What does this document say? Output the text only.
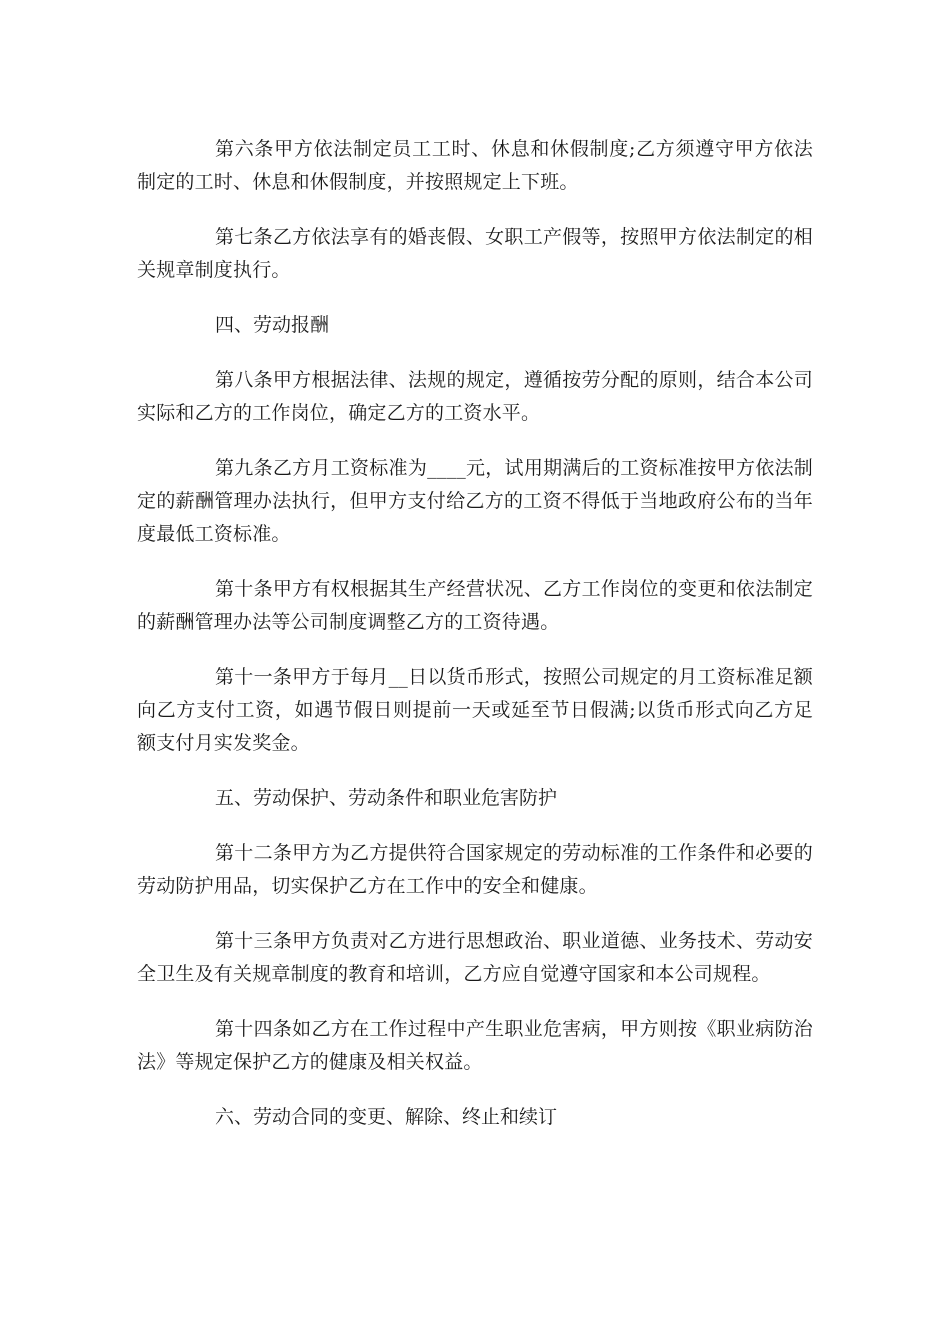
第六条甲方依法制定员工工时、休息和休假制度;乙方须遵守甲方依法制定的工时、休息和休假制度，并按照规定上下班。

第七条乙方依法享有的婚丧假、女职工产假等，按照甲方依法制定的相关规章制度执行。

四、劳动报酬

第八条甲方根据法律、法规的规定，遵循按劳分配的原则，结合本公司实际和乙方的工作岗位，确定乙方的工资水平。

第九条乙方月工资标准为____元，试用期满后的工资标准按甲方依法制定的薪酬管理办法执行，但甲方支付给乙方的工资不得低于当地政府公布的当年度最低工资标准。

第十条甲方有权根据其生产经营状况、乙方工作岗位的变更和依法制定的薪酬管理办法等公司制度调整乙方的工资待遇。

第十一条甲方于每月__日以货币形式，按照公司规定的月工资标准足额向乙方支付工资，如遇节假日则提前一天或延至节日假满;以货币形式向乙方足额支付月实发奖金。

五、劳动保护、劳动条件和职业危害防护

第十二条甲方为乙方提供符合国家规定的劳动标准的工作条件和必要的劳动防护用品，切实保护乙方在工作中的安全和健康。

第十三条甲方负责对乙方进行思想政治、职业道德、业务技术、劳动安全卫生及有关规章制度的教育和培训，乙方应自觉遵守国家和本公司规程。

第十四条如乙方在工作过程中产生职业危害病，甲方则按《职业病防治法》等规定保护乙方的健康及相关权益。

六、劳动合同的变更、解除、终止和续订
